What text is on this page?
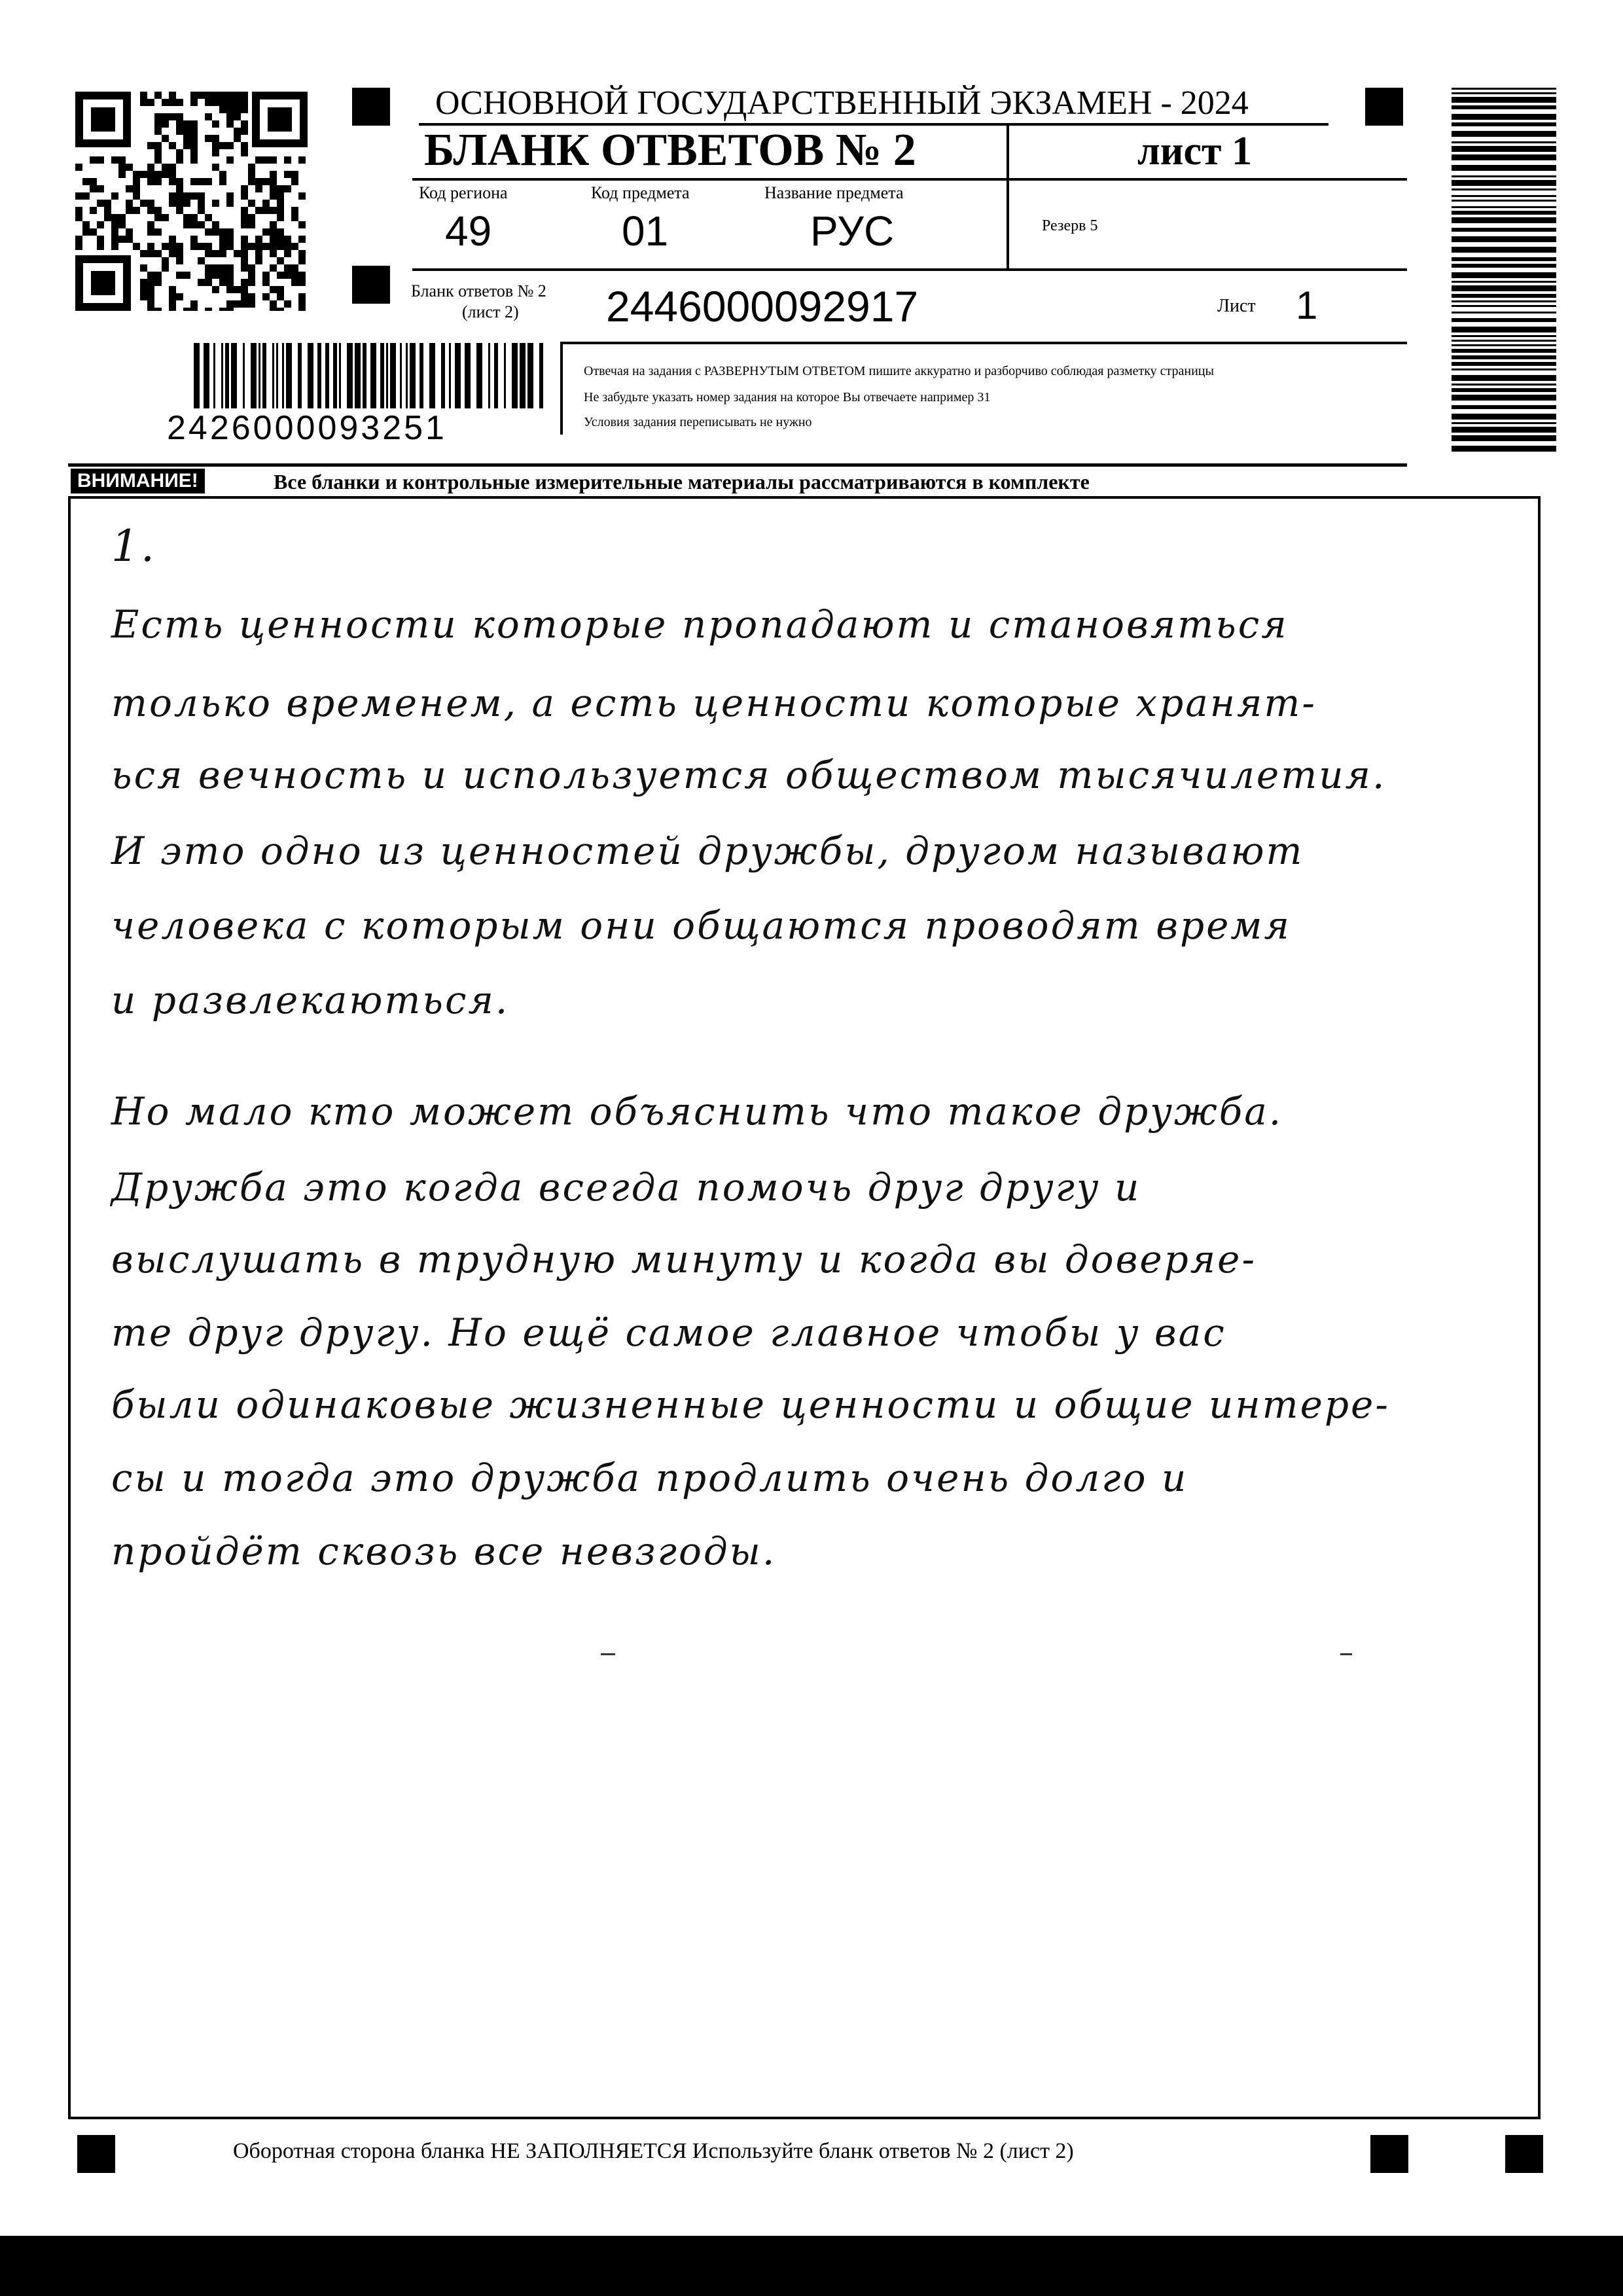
ОСНОВНОЙ ГОСУДАРСТВЕННЫЙ ЭКЗАМЕН - 2024
БЛАНК ОТВЕТОВ № 2	лист 1
Код региона
49
Код предмета
01
Название предмета
РУС	Резерв 5
Бланк ответов № 2
(лист 2) 2446000092917	Лист 1
Отвечая на задания с РАЗВЕРНУТЫМ ОТВЕТОМ пишите аккуратно и разборчиво соблюдая разметку страницы
Не забудьте указать номер задания на которое Вы отвечаете например 31
Условия задания переписывать не нужно
2426000093251
ВНИМАНИЕ!	Все бланки и контрольные измерительные материалы рассматриваются в комплекте
1.
Есть ценности которые пропадают и становяться
только временем, а есть ценности которые хранят-
ься вечность и используется обществом тысячилетия.
И это одно из ценностей дружбы, другом называют
человека с которым они общаются проводят время
и развлекаються.
Но мало кто может объяснить что такое дружба.
Дружба это когда всегда помочь друг другу и
выслушать в трудную минуту и когда вы доверяе-
те друг другу. Но ещё самое главное чтобы у вас
были одинаковые жизненные ценности и общие интере-
сы и тогда это дружба продлить очень долго и
пройдёт сквозь все невзгоды.
Оборотная сторона бланка НЕ ЗАПОЛНЯЕТСЯ Используйте бланк ответов № 2 (лист 2)
